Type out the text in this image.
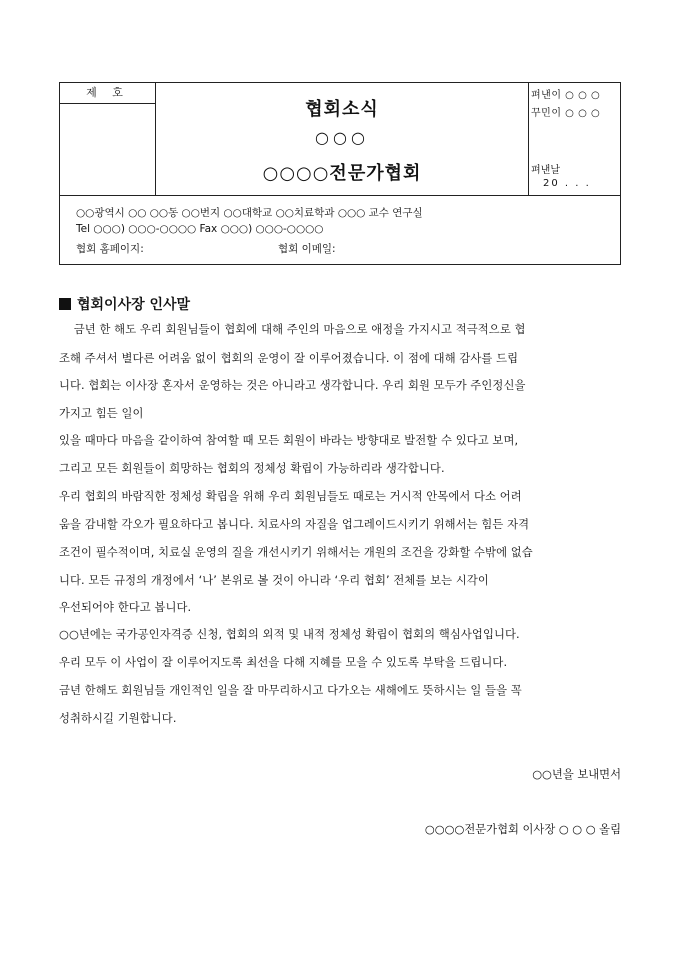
제 호
협회소식
○○○
○○○○전문가협회
펴낸이 ○ ○ ○
꾸민이 ○ ○ ○
펴낸날
20 . . .
○○광역시 ○○ ○○동 ○○번지 ○○대학교 ○○치료학과 ○○○ 교수 연구실
Tel ○○○) ○○○-○○○○ Fax ○○○) ○○○-○○○○
협회 홈페이지:	협회 이메일:
협회이사장 인사말
금년 한 해도 우리 회원님들이 협회에 대해 주인의 마음으로 애정을 가지시고 적극적으로 협
조해 주셔서 별다른 어려움 없이 협회의 운영이 잘 이루어졌습니다. 이 점에 대해 감사를 드립
니다. 협회는 이사장 혼자서 운영하는 것은 아니라고 생각합니다. 우리 회원 모두가 주인정신을
가지고 힘든 일이
있을 때마다 마음을 같이하여 참여할 때 모든 회원이 바라는 방향대로 발전할 수 있다고 보며,
그리고 모든 회원들이 희망하는 협회의 정체성 확립이 가능하리라 생각합니다.
우리 협회의 바람직한 정체성 확립을 위해 우리 회원님들도 때로는 거시적 안목에서 다소 어려
움을 감내할 각오가 필요하다고 봅니다. 치료사의 자질을 업그레이드시키기 위해서는 힘든 자격
조건이 필수적이며, 치료실 운영의 질을 개선시키기 위해서는 개원의 조건을 강화할 수밖에 없습
니다. 모든 규정의 개정에서 ‘나’ 본위로 볼 것이 아니라 ‘우리 협회’ 전체를 보는 시각이
우선되어야 한다고 봅니다.
○○년에는 국가공인자격증 신청, 협회의 외적 및 내적 정체성 확립이 협회의 핵심사업입니다.
우리 모두 이 사업이 잘 이루어지도록 최선을 다해 지혜를 모을 수 있도록 부탁을 드립니다.
금년 한해도 회원님들 개인적인 일을 잘 마무리하시고 다가오는 새해에도 뜻하시는 일 들을 꼭
성취하시길 기원합니다.
○○년을 보내면서
○○○○전문가협회 이사장 ○ ○ ○ 올림
